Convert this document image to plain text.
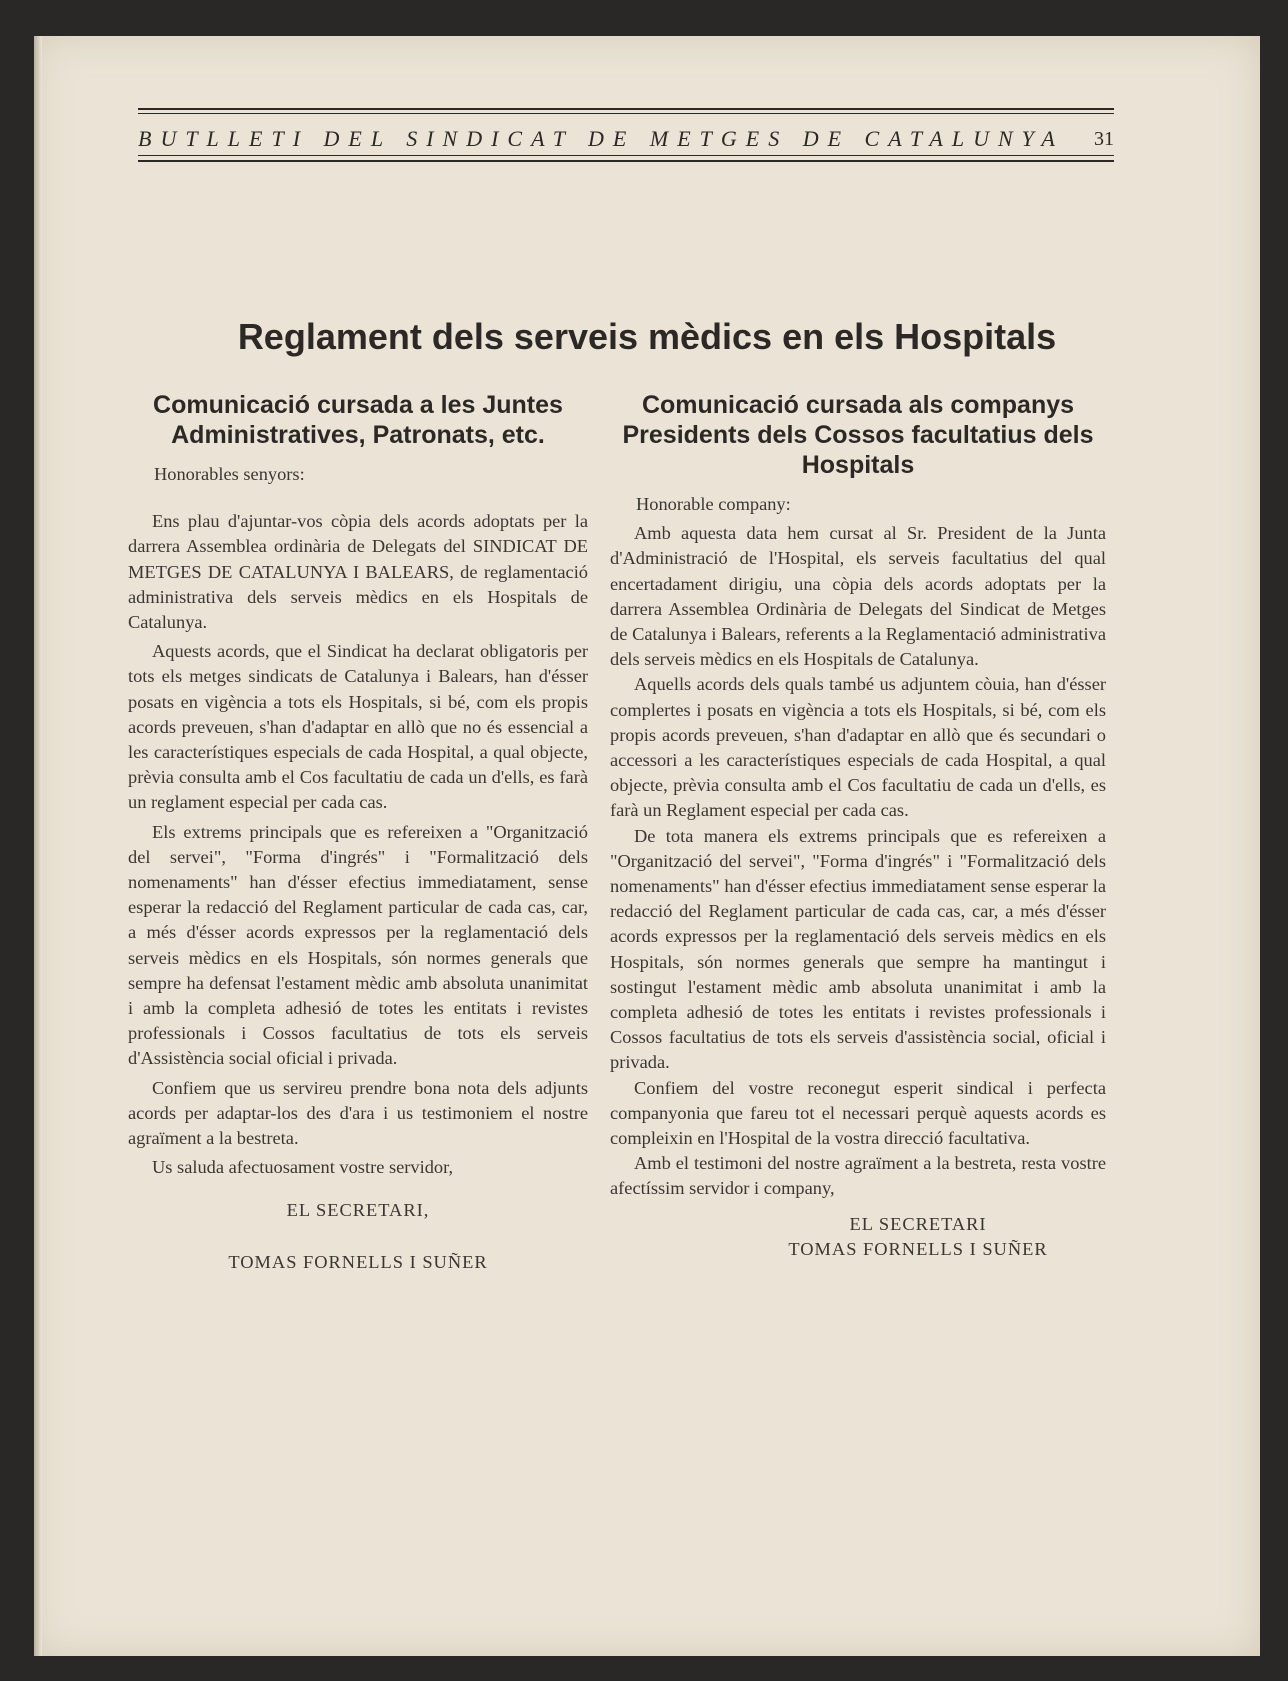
BUTLLETI DEL SINDICAT DE METGES DE CATALUNYA 31
Reglament dels serveis mèdics en els Hospitals
Comunicació cursada a les Juntes Administratives, Patronats, etc.

Honorables senyors:

Ens plau d'ajuntar-vos còpia dels acords adoptats per la darrera Assemblea ordinària de Delegats del SINDICAT DE METGES DE CATALUNYA I BALEARS, de reglamentació administrativa dels serveis mèdics en els Hospitals de Catalunya.

Aquests acords, que el Sindicat ha declarat obligatoris per tots els metges sindicats de Catalunya i Balears, han d'ésser posats en vigència a tots els Hospitals, si bé, com els propis acords preveuen, s'han d'adaptar en allò que no és essencial a les característiques especials de cada Hospital, a qual objecte, prèvia consulta amb el Cos facultatiu de cada un d'ells, es farà un reglament especial per cada cas.

Els extrems principals que es refereixen a "Organització del servei", "Forma d'ingrés" i "Formalització dels nomenaments" han d'ésser efectius immediatament, sense esperar la redacció del Reglament particular de cada cas, car, a més d'ésser acords expressos per la reglamentació dels serveis mèdics en els Hospitals, són normes generals que sempre ha defensat l'estament mèdic amb absoluta unanimitat i amb la completa adhesió de totes les entitats i revistes professionals i Cossos facultatius de tots els serveis d'Assistència social oficial i privada.

Confiem que us servireu prendre bona nota dels adjunts acords per adaptar-los des d'ara i us testimoniem el nostre agraïment a la bestreta.

Us saluda afectuosament vostre servidor,

EL SECRETARI,

TOMAS FORNELLS I SUÑER

Comunicació cursada als companys Presidents dels Cossos facultatius dels Hospitals

Honorable company:

Amb aquesta data hem cursat al Sr. President de la Junta d'Administració de l'Hospital, els serveis facultatius del qual encertadament dirigiu, una còpia dels acords adoptats per la darrera Assemblea Ordinària de Delegats del Sindicat de Metges de Catalunya i Balears, referents a la Reglamentació administrativa dels serveis mèdics en els Hospitals de Catalunya.

Aquells acords dels quals també us adjuntem còuia, han d'ésser complertes i posats en vigència a tots els Hospitals, si bé, com els propis acords preveuen, s'han d'adaptar en allò que és secundari o accessori a les característiques especials de cada Hospital, a qual objecte, prèvia consulta amb el Cos facultatiu de cada un d'ells, es farà un Reglament especial per cada cas.

De tota manera els extrems principals que es refereixen a "Organització del servei", "Forma d'ingrés" i "Formalització dels nomenaments" han d'ésser efectius immediatament sense esperar la redacció del Reglament particular de cada cas, car, a més d'ésser acords expressos per la reglamentació dels serveis mèdics en els Hospitals, són normes generals que sempre ha mantingut i sostingut l'estament mèdic amb absoluta unanimitat i amb la completa adhesió de totes les entitats i revistes professionals i Cossos facultatius de tots els serveis d'assistència social, oficial i privada.

Confiem del vostre reconegut esperit sindical i perfecta companyonia que fareu tot el necessari perquè aquests acords es compleixin en l'Hospital de la vostra direcció facultativa.

Amb el testimoni del nostre agraïment a la bestreta, resta vostre afectíssim servidor i company,

EL SECRETARI

TOMAS FORNELLS I SUÑER
